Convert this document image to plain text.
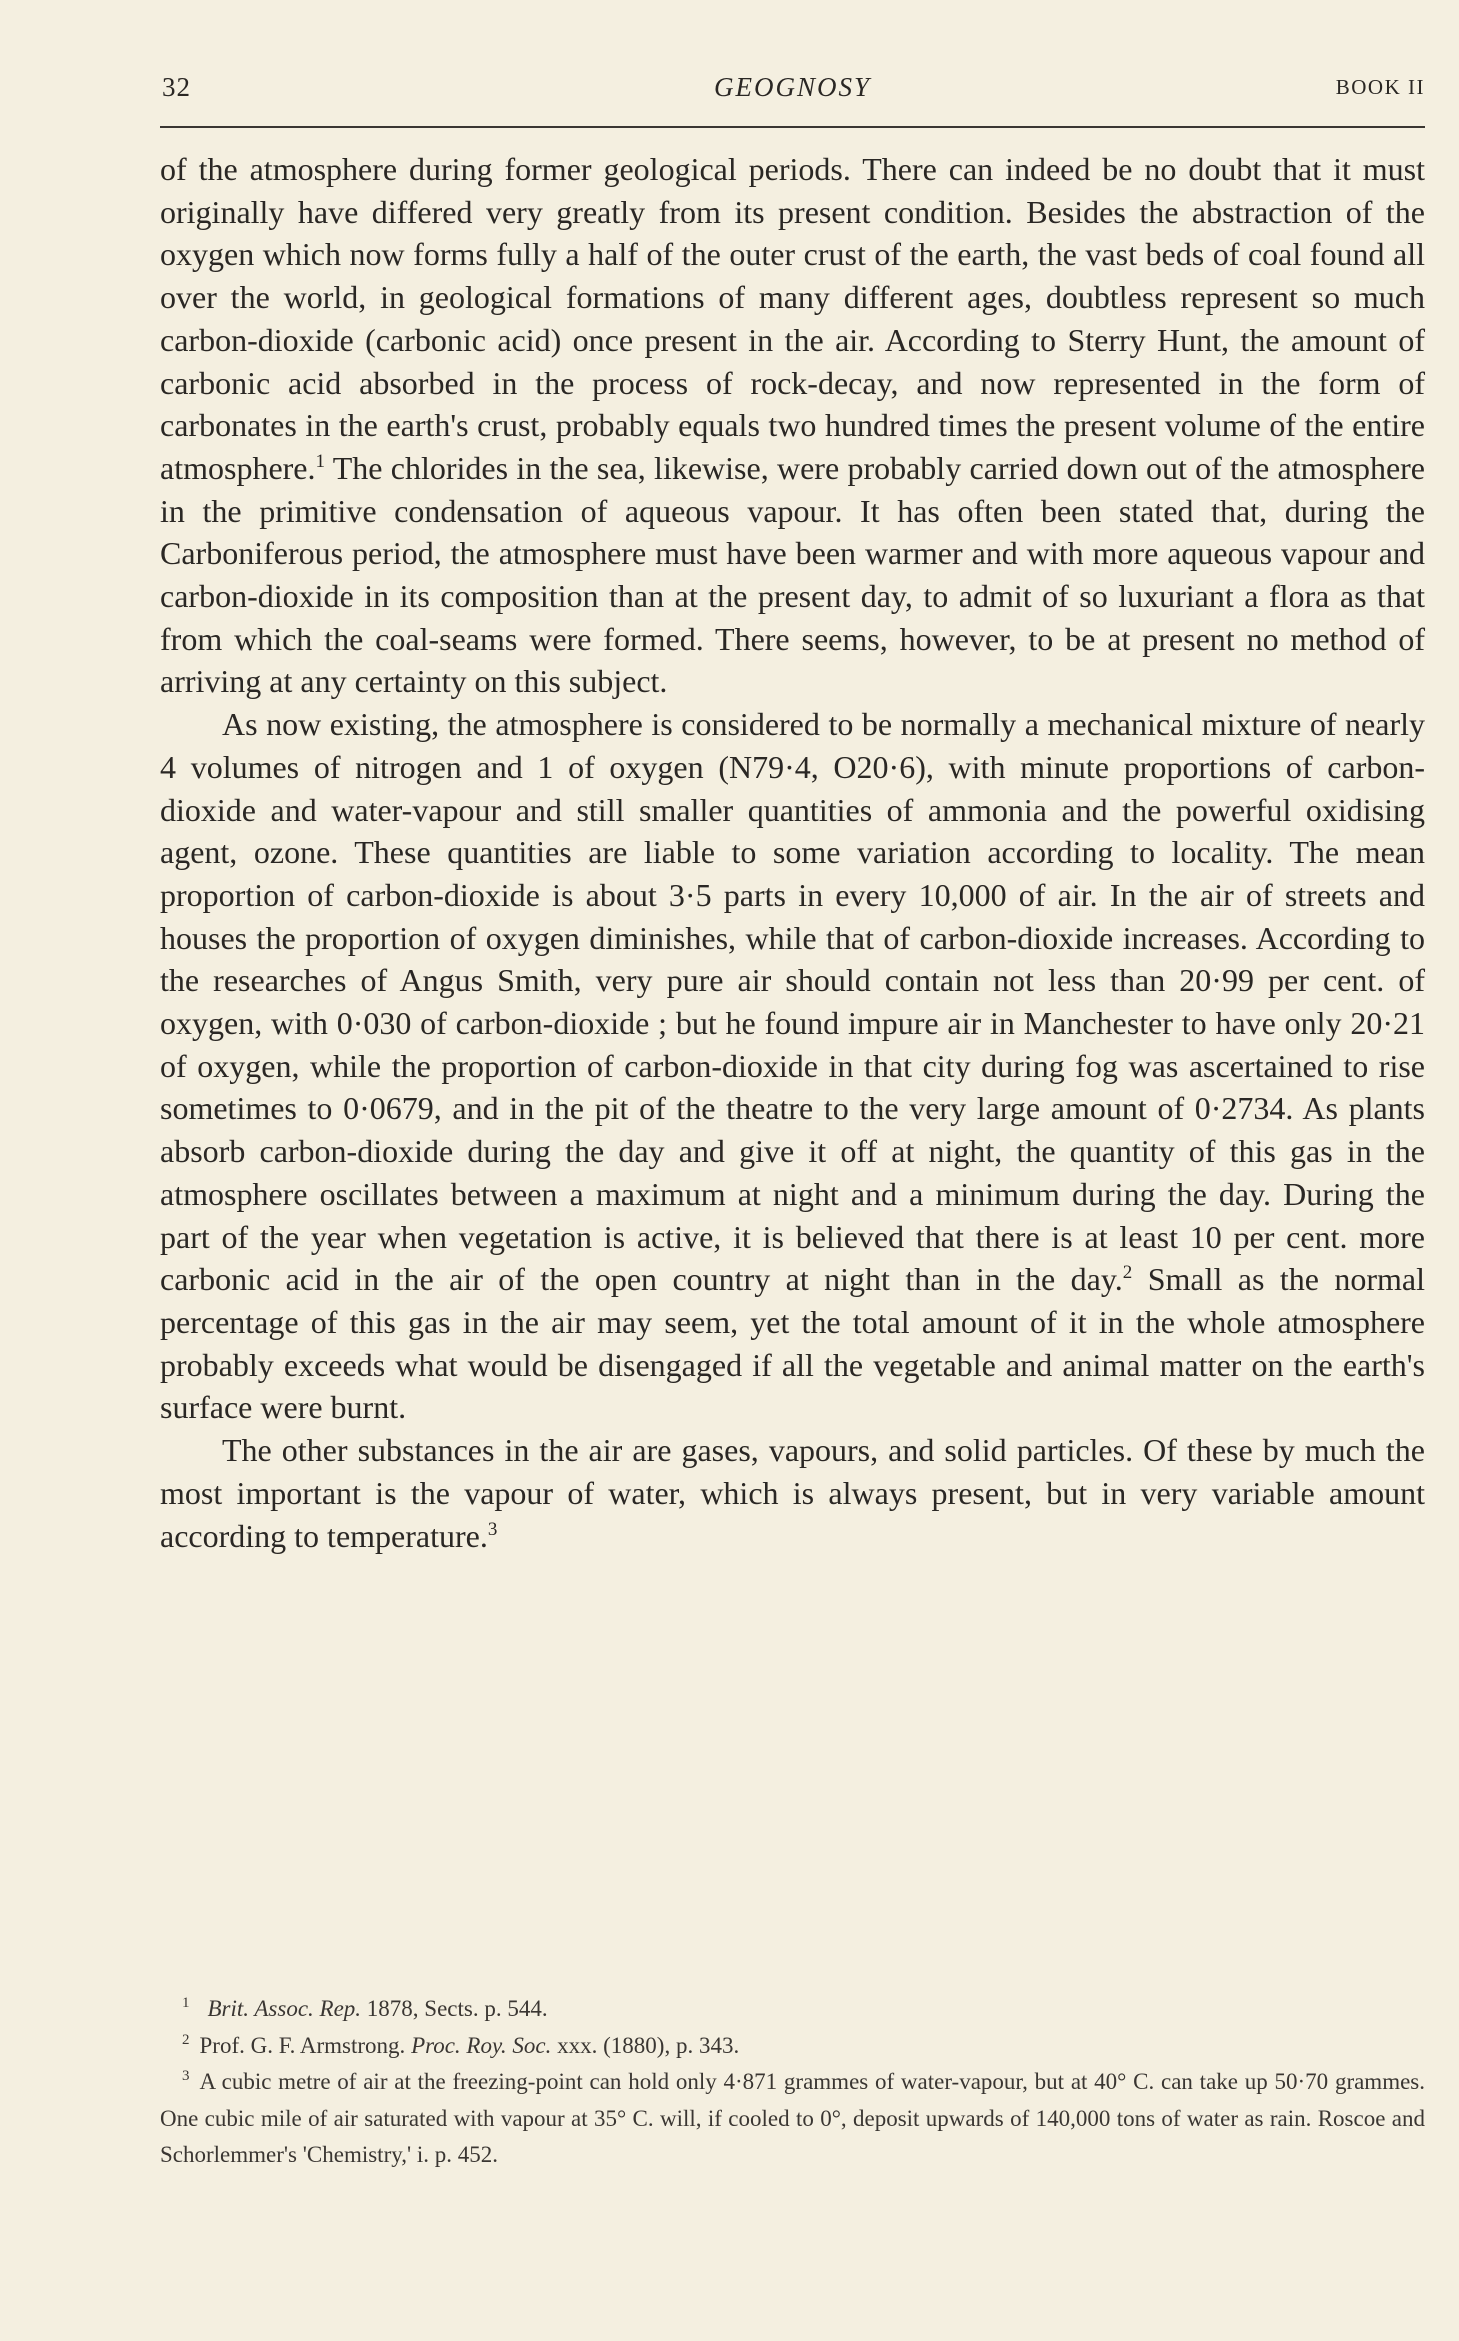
32	GEOGNOSY	BOOK II

of the atmosphere during former geological periods. There can indeed be no doubt that it must originally have differed very greatly from its present condition. Besides the abstraction of the oxygen which now forms fully a half of the outer crust of the earth, the vast beds of coal found all over the world, in geological formations of many different ages, doubtless represent so much carbon-dioxide (carbonic acid) once present in the air. According to Sterry Hunt, the amount of carbonic acid absorbed in the process of rock-decay, and now represented in the form of carbonates in the earth's crust, probably equals two hundred times the present volume of the entire atmosphere.$^1$ The chlorides in the sea, likewise, were probably carried down out of the atmosphere in the primitive condensation of aqueous vapour. It has often been stated that, during the Carboniferous period, the atmosphere must have been warmer and with more aqueous vapour and carbon-dioxide in its composition than at the present day, to admit of so luxuriant a flora as that from which the coal-seams were formed. There seems, however, to be at present no method of arriving at any certainty on this subject.

As now existing, the atmosphere is considered to be normally a mechanical mixture of nearly 4 volumes of nitrogen and 1 of oxygen (N79·4, O20·6), with minute proportions of carbon-dioxide and water-vapour and still smaller quantities of ammonia and the powerful oxidising agent, ozone. These quantities are liable to some variation according to locality. The mean proportion of carbon-dioxide is about 3·5 parts in every 10,000 of air. In the air of streets and houses the proportion of oxygen diminishes, while that of carbon-dioxide increases. According to the researches of Angus Smith, very pure air should contain not less than 20·99 per cent. of oxygen, with 0·030 of carbon-dioxide ; but he found impure air in Manchester to have only 20·21 of oxygen, while the proportion of carbon-dioxide in that city during fog was ascertained to rise sometimes to 0·0679, and in the pit of the theatre to the very large amount of 0·2734. As plants absorb carbon-dioxide during the day and give it off at night, the quantity of this gas in the atmosphere oscillates between a maximum at night and a minimum during the day. During the part of the year when vegetation is active, it is believed that there is at least 10 per cent. more carbonic acid in the air of the open country at night than in the day.$^2$ Small as the normal percentage of this gas in the air may seem, yet the total amount of it in the whole atmosphere probably exceeds what would be disengaged if all the vegetable and animal matter on the earth's surface were burnt.

The other substances in the air are gases, vapours, and solid particles. Of these by much the most important is the vapour of water, which is always present, but in very variable amount according to temperature.$^3$

$^1$ Brit. Assoc. Rep. 1878, Sects. p. 544.

$^2$ Prof. G. F. Armstrong. Proc. Roy. Soc. xxx. (1880), p. 343.

$^3$ A cubic metre of air at the freezing-point can hold only 4·871 grammes of water-vapour, but at 40° C. can take up 50·70 grammes. One cubic mile of air saturated with vapour at 35° C. will, if cooled to 0°, deposit upwards of 140,000 tons of water as rain. Roscoe and Schorlemmer's 'Chemistry,' i. p. 452.
